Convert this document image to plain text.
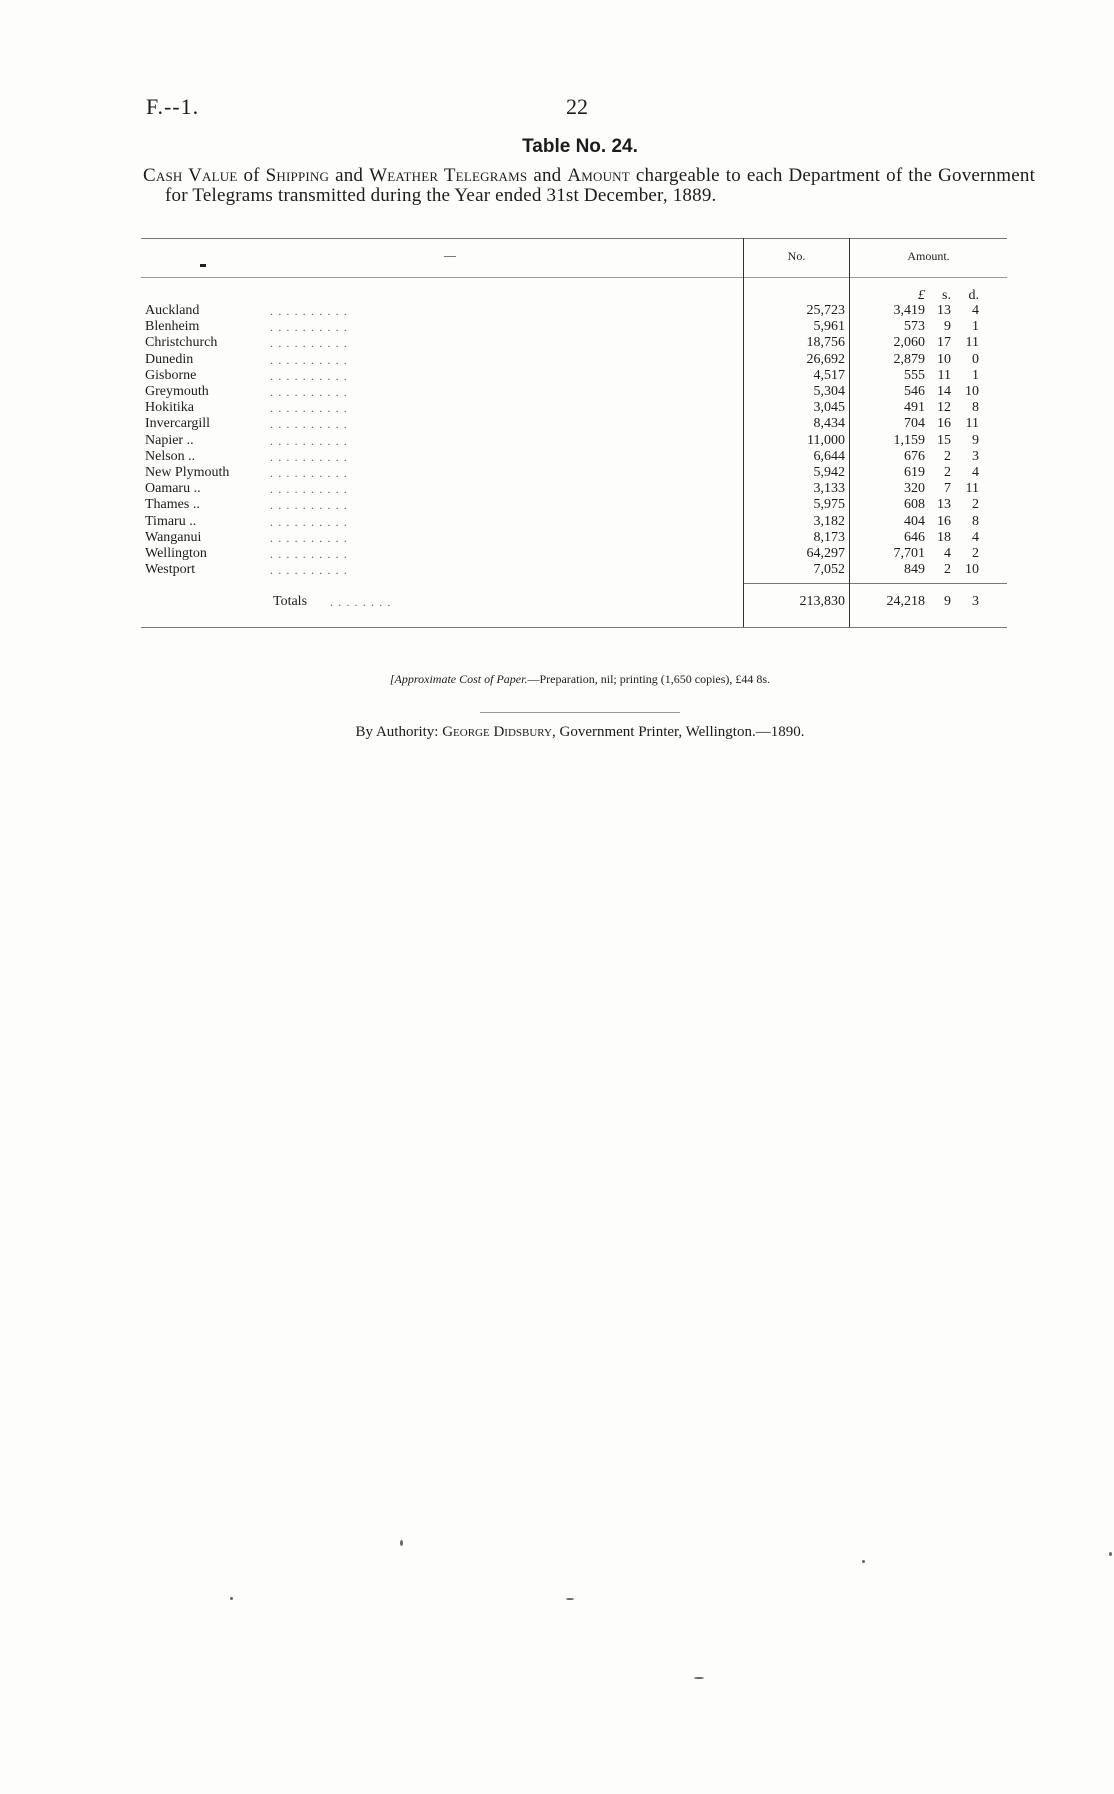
F.--1.	22
Table No. 24.
Cash Value of Shipping and Weather Telegrams and Amount chargeable to each Department of the Government for Telegrams transmitted during the Year ended 31st December, 1889.
—	No.	Amount.
£	s.	d.
Auckland	..........	25,723	3,419 13	4
Blenheim	..........	5,961	573	9	1
Christchurch	..........	18,756	2,060 17	11
Dunedin	..........	26,692	2,879 10	0
Gisborne	..........	4,517	555 11	1
Greymouth	..........	5,304	546 14	10
Hokitika	..........	3,045	491 12	8
Invercargill	..........	8,434	704 16	11
Napier ..	..........	11,000	1,159 15	9
Nelson ..	..........	6,644	676	2	3
New Plymouth	..........	5,942	619	2	4
Oamaru ..	..........	3,133	320	7	11
Thames ..	..........	5,975	608 13	2
Timaru ..	..........	3,182	404 16	8
Wanganui	..........	8,173	646 18	4
Wellington	..........	64,297	7,701	4	2
Westport	..........	7,052	849	2	10
Totals ........	213,830	24,218	9	3
[Approximate Cost of Paper.—Preparation, nil; printing (1,650 copies), £44 8s.
By Authority: George Didsbury, Government Printer, Wellington.—1890.
